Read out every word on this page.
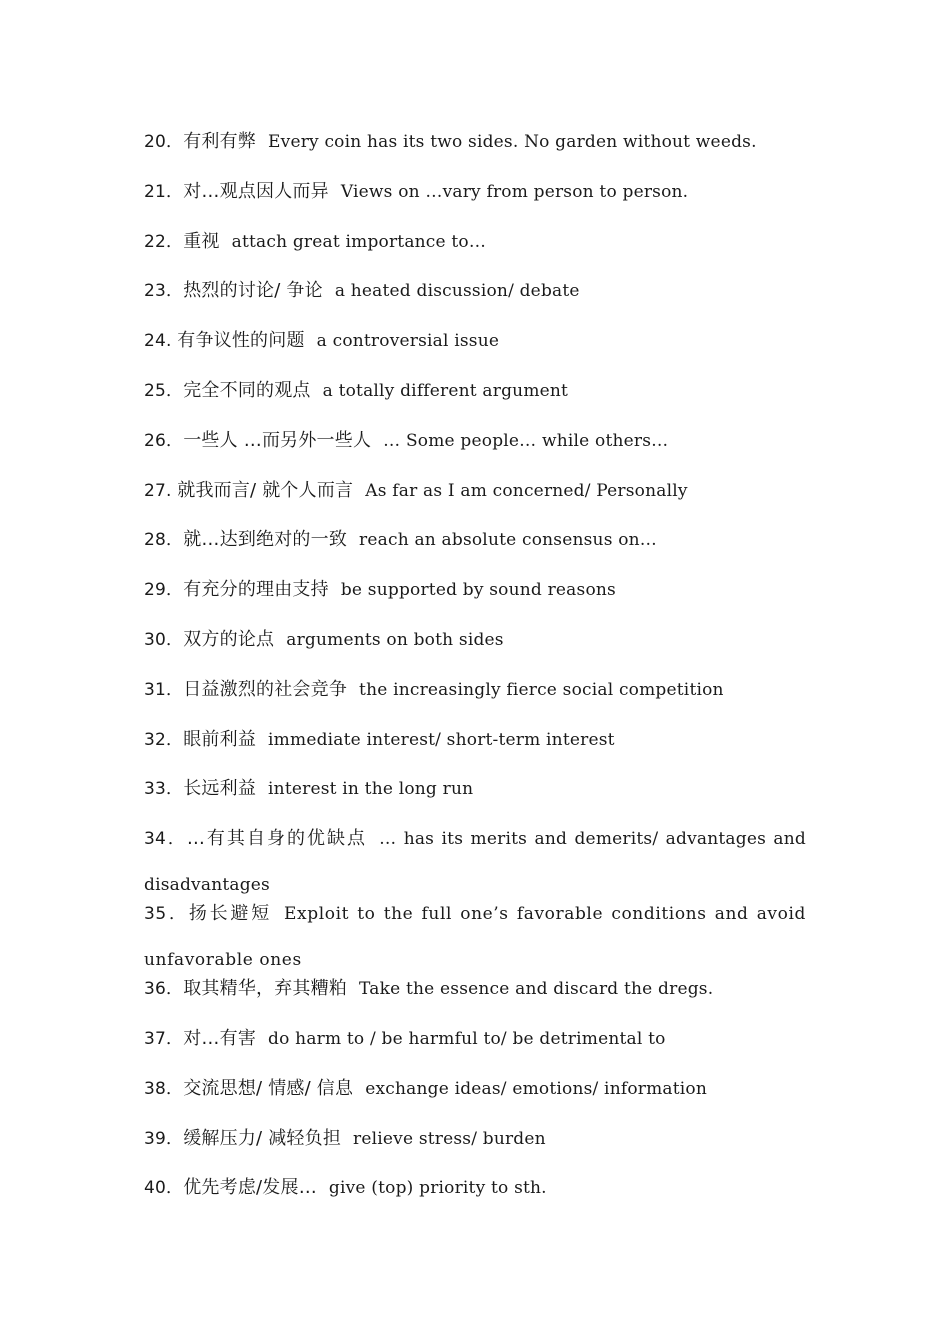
20．有利有弊 Every coin has its two sides. No garden without weeds.
21．对…观点因人而异 Views on …vary from person to person.
22．重视 attach great importance to…
23．热烈的讨论/ 争论 a heated discussion/ debate
24. 有争议性的问题 a controversial issue
25．完全不同的观点 a totally different argument
26．一些人 …而另外一些人 … Some people… while others…
27. 就我而言/ 就个人而言 As far as I am concerned/ Personally
28．就…达到绝对的一致 reach an absolute consensus on…
29．有充分的理由支持 be supported by sound reasons
30．双方的论点 arguments on both sides
31．日益激烈的社会竞争 the increasingly fierce social competition
32．眼前利益 immediate interest/ short-term interest
33．长远利益 interest in the long run
34．…有其自身的优缺点 … has its merits and demerits/ advantages and disadvantages
35．扬长避短 Exploit to the full one’s favorable conditions and avoid unfavorable ones
36．取其精华，弃其糟粕 Take the essence and discard the dregs.
37．对…有害 do harm to / be harmful to/ be detrimental to
38．交流思想/ 情感/ 信息 exchange ideas/ emotions/ information
39．缓解压力/ 减轻负担 relieve stress/ burden
40．优先考虑/发展… give (top) priority to sth.
